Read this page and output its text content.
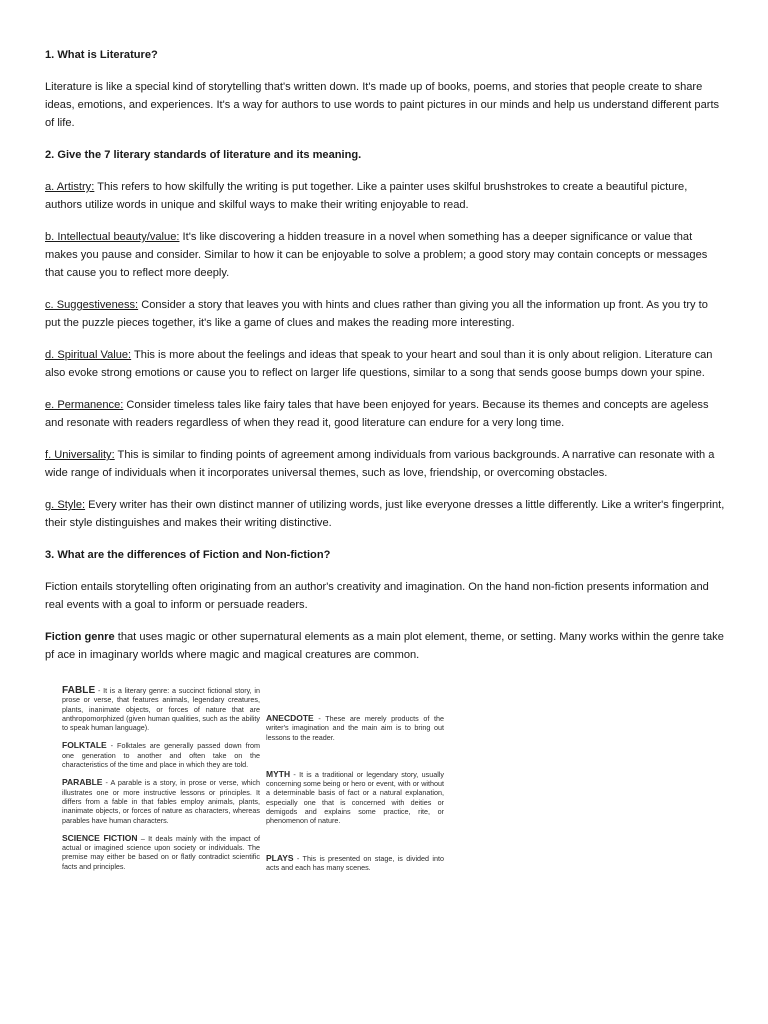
1. What is Literature?

Literature is like a special kind of storytelling that's written down. It's made up of books, poems, and stories that people create to share ideas, emotions, and experiences. It's a way for authors to use words to paint pictures in our minds and help us understand different parts of life.

2. Give the 7 literary standards of literature and its meaning.

a. Artistry: This refers to how skilfully the writing is put together. Like a painter uses skilful brushstrokes to create a beautiful picture, authors utilize words in unique and skilful ways to make their writing enjoyable to read.

b. Intellectual beauty/value: It's like discovering a hidden treasure in a novel when something has a deeper significance or value that makes you pause and consider. Similar to how it can be enjoyable to solve a problem; a good story may contain concepts or messages that cause you to reflect more deeply.

c. Suggestiveness: Consider a story that leaves you with hints and clues rather than giving you all the information up front. As you try to put the puzzle pieces together, it's like a game of clues and makes the reading more interesting.

d. Spiritual Value: This is more about the feelings and ideas that speak to your heart and soul than it is only about religion. Literature can also evoke strong emotions or cause you to reflect on larger life questions, similar to a song that sends goose bumps down your spine.

e. Permanence: Consider timeless tales like fairy tales that have been enjoyed for years. Because its themes and concepts are ageless and resonate with readers regardless of when they read it, good literature can endure for a very long time.

f. Universality: This is similar to finding points of agreement among individuals from various backgrounds. A narrative can resonate with a wide range of individuals when it incorporates universal themes, such as love, friendship, or overcoming obstacles.

g. Style: Every writer has their own distinct manner of utilizing words, just like everyone dresses a little differently. Like a writer's fingerprint, their style distinguishes and makes their writing distinctive.

3. What are the differences of Fiction and Non-fiction?

Fiction entails storytelling often originating from an author's creativity and imagination. On the hand non-fiction presents information and real events with a goal to inform or persuade readers.

Fiction genre that uses magic or other supernatural elements as a main plot element, theme, or setting. Many works within the genre take pf ace in imaginary worlds where magic and magical creatures are common.

FABLE - It is a literary genre: a succinct fictional story, in prose or verse, that features animals, legendary creatures, plants, inanimate objects, or forces of nature that are anthropomorphized (given human qualities, such as the ability to speak human language).

FOLKTALE - Folktales are generally passed down from one generation to another and often take on the characteristics of the time and place in which they are told.

PARABLE - A parable is a story, in prose or verse, which illustrates one or more instructive lessons or principles. It differs from a fable in that fables employ animals, plants, inanimate objects, or forces of nature as characters, whereas parables have human characters.

SCIENCE FICTION – It deals mainly with the impact of actual or imagined science upon society or individuals. The premise may either be based on or flatly contradict scientific facts and principles.

ANECDOTE - These are merely products of the writer's imagination and the main aim is to bring out lessons to the reader.

MYTH - It is a traditional or legendary story, usually concerning some being or hero or event, with or without a determinable basis of fact or a natural explanation, especially one that is concerned with deities or demigods and explains some practice, rite, or phenomenon of nature.

PLAYS - This is presented on stage, is divided into acts and each has many scenes.
